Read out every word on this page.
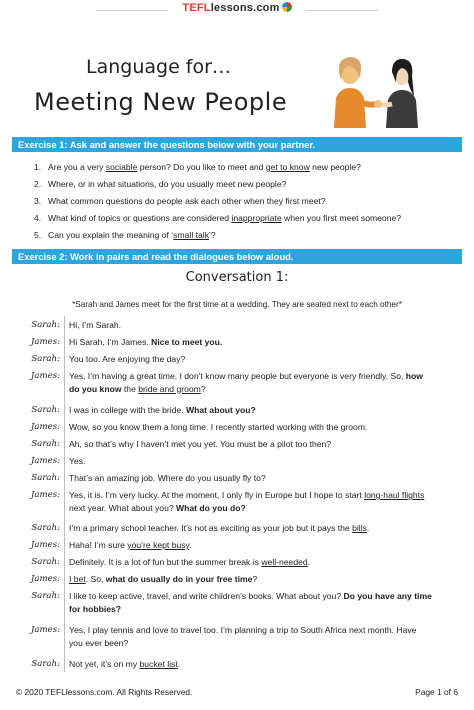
TEFLlessons.com
Language for…
Meeting New People
Exercise 1: Ask and answer the questions below with your partner.
1. Are you a very sociable person? Do you like to meet and get to know new people?
2. Where, or in what situations, do you usually meet new people?
3. What common questions do people ask each other when they first meet?
4. What kind of topics or questions are considered inappropriate when you first meet someone?
5. Can you explain the meaning of ‘small talk’?
Exercise 2: Work in pairs and read the dialogues below aloud.
Conversation 1:
*Sarah and James meet for the first time at a wedding. They are seated next to each other*
Sarah: Hi, I’m Sarah.
James: Hi Sarah, I’m James. Nice to meet you.
Sarah: You too. Are enjoying the day?
James: Yes, I’m having a great time. I don’t know many people but everyone is very friendly. So, how
do you know the bride and groom?
Sarah: I was in college with the bride. What about you?
James: Wow, so you know them a long time. I recently started working with the groom.
Sarah: Ah, so that’s why I haven’t met you yet. You must be a pilot too then?
James: Yes.
Sarah: That’s an amazing job. Where do you usually fly to?
James: Yes, it is. I’m very lucky. At the moment, I only fly in Europe but I hope to start long-haul flights
next year. What about you? What do you do?
Sarah: I’m a primary school teacher. It’s not as exciting as your job but it pays the bills.
James: Haha! I’m sure you’re kept busy.
Sarah: Definitely. It is a lot of fun but the summer break is well-needed.
James: I bet. So, what do usually do in your free time?
Sarah: I like to keep active, travel, and write children’s books. What about you? Do you have any time
for hobbies?
James: Yes, I play tennis and love to travel too. I’m planning a trip to South Africa next month. Have
you ever been?
Sarah: Not yet, it’s on my bucket list.
© 2020 TEFLlessons.com. All Rights Reserved.	Page 1 of 6
